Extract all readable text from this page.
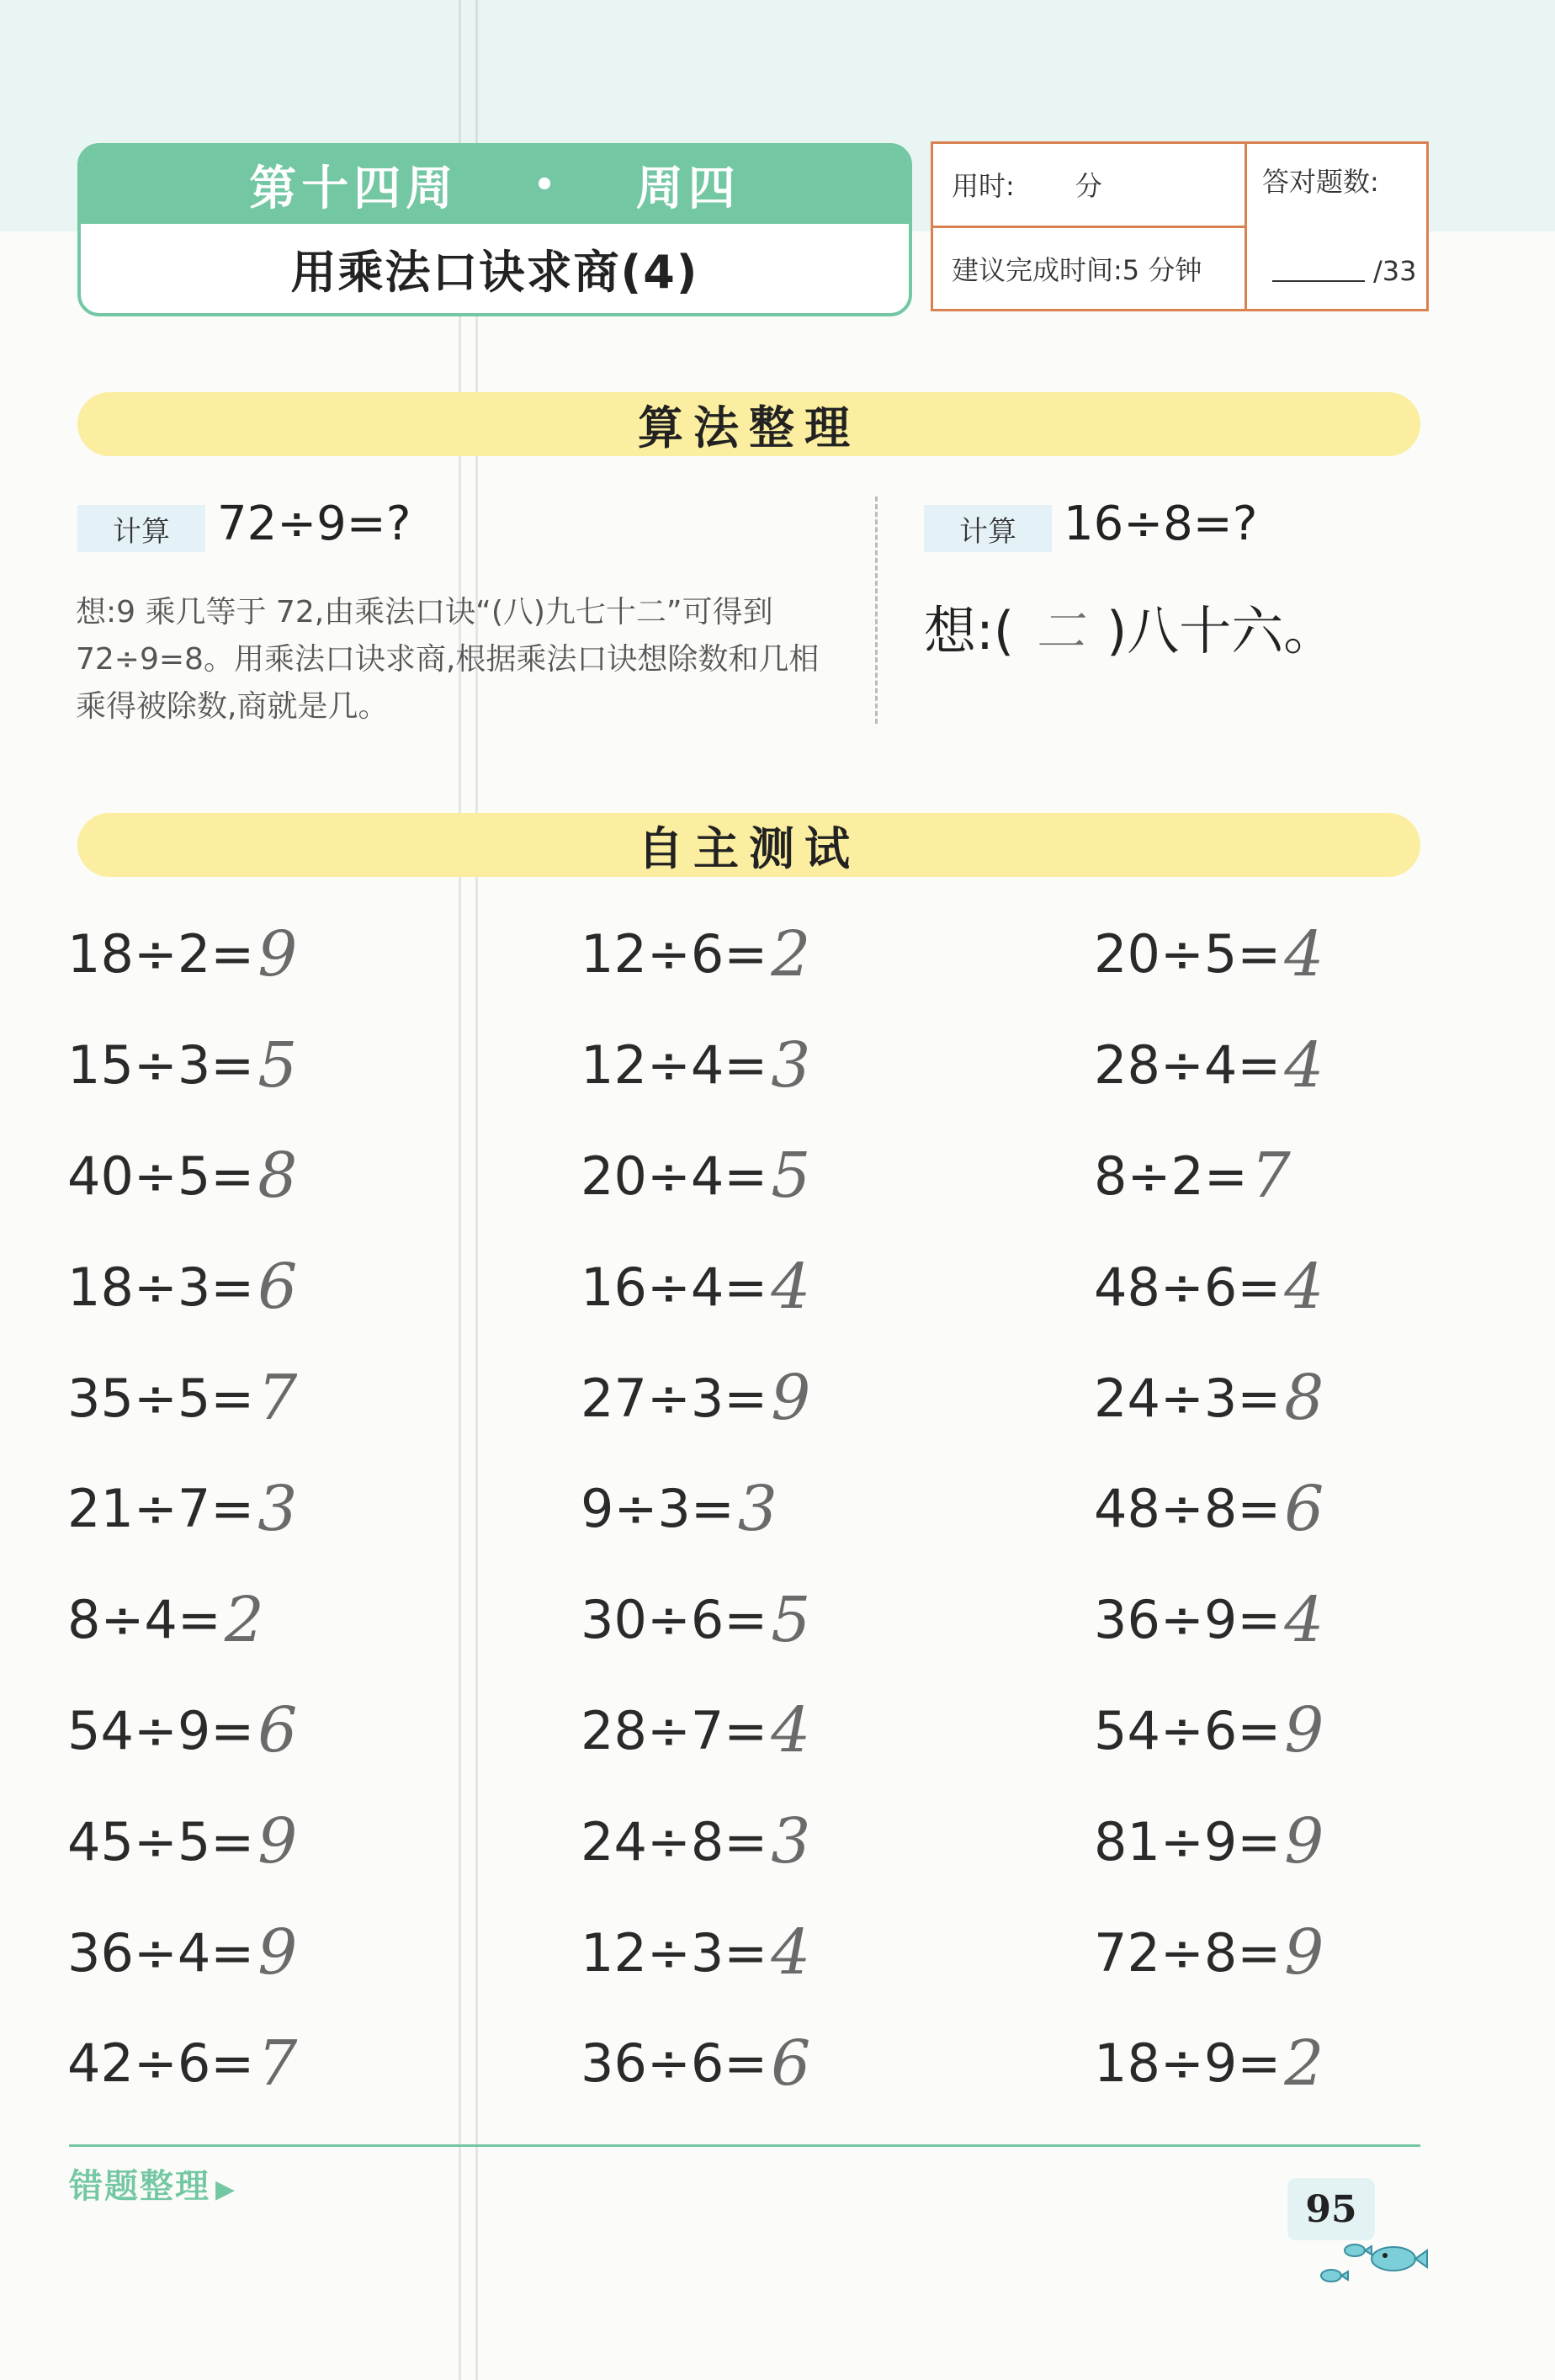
第十四周 • 周四
用乘法口诀求商(4)
用时: 分
建议完成时间:5 分钟
答对题数:
/33
算法整理
计算	72÷9=?
想:9 乘几等于 72,由乘法口诀“(八)九七十二”可得到 72÷9=8。用乘法口诀求商,根据乘法口诀想除数和几相乘得被除数,商就是几。
计算	16÷8=?
想:( 二 )八十六。
自主测试
18÷2= 9	12÷6= 2	20÷5= 4
15÷3= 5	12÷4= 3	28÷4= 4
40÷5= 8	20÷4= 5	8÷2= 7
18÷3= 6	16÷4= 4	48÷6= 4
35÷5= 7	27÷3= 9	24÷3= 8
21÷7= 3	9÷3= 3	48÷8= 6
8÷4= 2	30÷6= 5	36÷9= 4
54÷9= 6	28÷7= 4	54÷6= 9
45÷5= 9	24÷8= 3	81÷9= 9
36÷4= 9	12÷3= 4	72÷8= 9
42÷6= 7	36÷6= 6	18÷9= 2
错题整理 ▶	95
